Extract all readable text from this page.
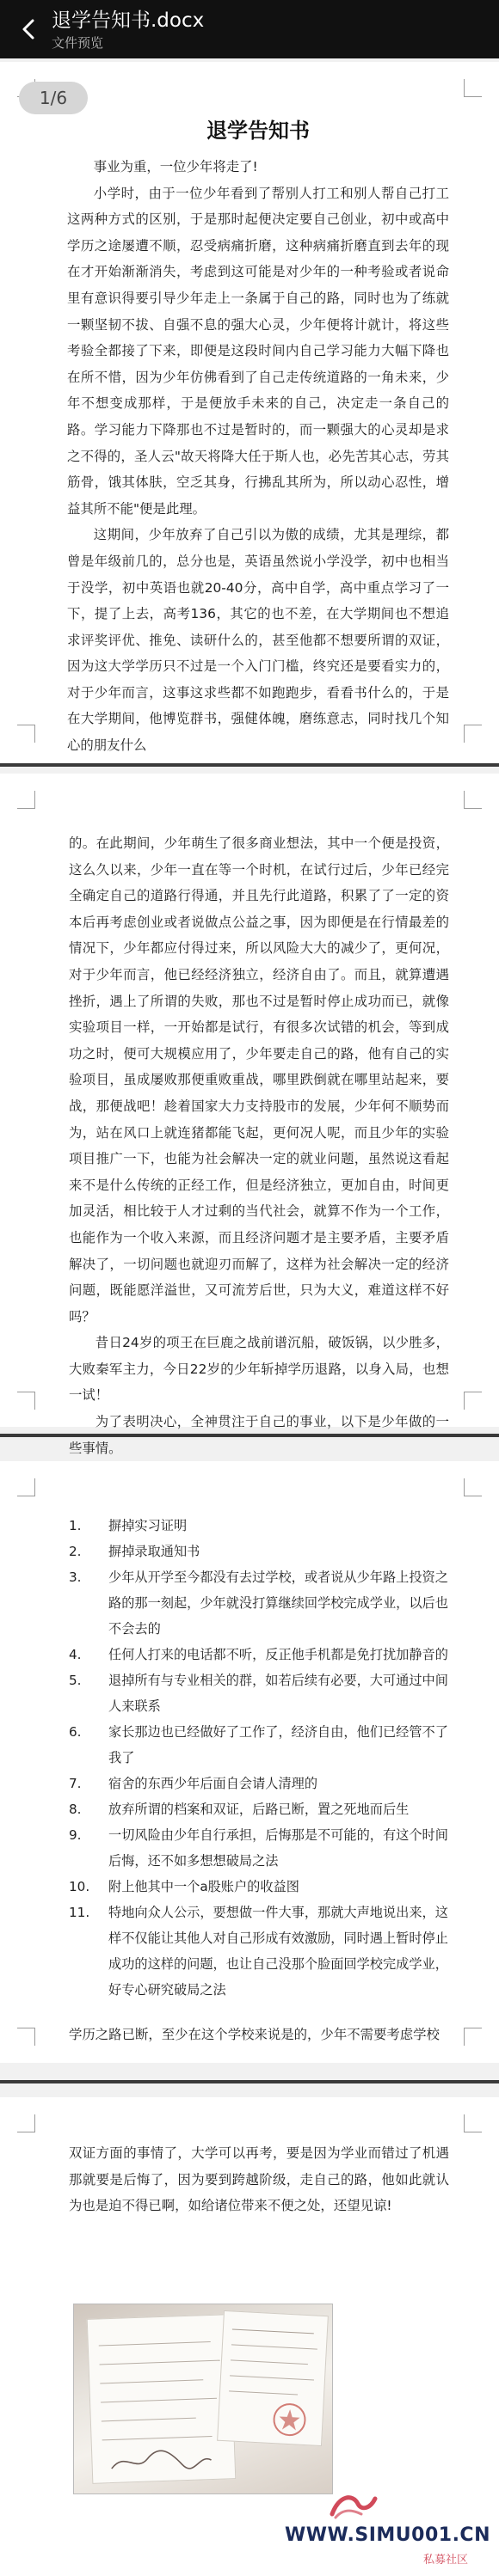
退学告知书.docx
文件预览
退学告知书

事业为重，一位少年将走了!

小学时，由于一位少年看到了帮别人打工和别人帮自己打工这两种方式的区别，于是那时起便决定要自己创业，初中或高中学历之途屡遭不顺，忍受病痛折磨，这种病痛折磨直到去年的现在才开始渐渐消失，考虑到这可能是对少年的一种考验或者说命里有意识得要引导少年走上一条属于自己的路，同时也为了练就一颗坚韧不拔、自强不息的强大心灵，少年便将计就计，将这些考验全都接了下来，即便是这段时间内自己学习能力大幅下降也在所不惜，因为少年仿佛看到了自己走传统道路的一角未来，少年不想变成那样，于是便放手未来的自己，决定走一条自己的路。学习能力下降那也不过是暂时的，而一颗强大的心灵却是求之不得的，圣人云"故天将降大任于斯人也，必先苦其心志，劳其筋骨，饿其体肤，空乏其身，行拂乱其所为，所以动心忍性，增益其所不能"便是此理。

这期间，少年放弃了自己引以为傲的成绩，尤其是理综，都曾是年级前几的，总分也是，英语虽然说小学没学，初中也相当于没学，初中英语也就20-40分，高中自学，高中重点学习了一下，提了上去，高考136，其它的也不差，在大学期间也不想追求评奖评优、推免、读研什么的，甚至他都不想要所谓的双证，因为这大学学历只不过是一个入门门槛，终究还是要看实力的，对于少年而言，这事这求些都不如跑跑步，看看书什么的，于是在大学期间，他博览群书，强健体魄，磨练意志，同时找几个知心的朋友什么

1/6

的。在此期间，少年萌生了很多商业想法，其中一个便是投资，这么久以来，少年一直在等一个时机，在试行过后，少年已经完全确定自己的道路行得通，并且先行此道路，积累了了一定的资本后再考虑创业或者说做点公益之事，因为即便是在行情最差的情况下，少年都应付得过来，所以风险大大的减少了，更何况，对于少年而言，他已经经济独立，经济自由了。而且，就算遭遇挫折，遇上了所谓的失败，那也不过是暂时停止成功而已，就像实验项目一样，一开始都是试行，有很多次试错的机会，等到成功之时，便可大规模应用了，少年要走自己的路，他有自己的实验项目，虽成屡败那便重败重战，哪里跌倒就在哪里站起来，要战，那便战吧！趁着国家大力支持股市的发展，少年何不顺势而为，站在风口上就连猪都能飞起，更何况人呢，而且少年的实验项目推广一下，也能为社会解决一定的就业问题，虽然说这看起来不是什么传统的正经工作，但是经济独立，更加自由，时间更加灵活，相比较于人才过剩的当代社会，就算不作为一个工作，也能作为一个收入来源，而且经济问题才是主要矛盾，主要矛盾解决了，一切问题也就迎刃而解了，这样为社会解决一定的经济问题，既能愿洋溢世，又可流芳后世，只为大义，难道这样不好吗？

昔日24岁的项王在巨鹿之战前谱沉船，破饭锅，以少胜多，大败秦军主力，今日22岁的少年斩掉学历退路，以身入局，也想一试！

为了表明决心，全神贯注于自己的事业，以下是少年做的一些事情。

1.	摒掉实习证明
2.	摒掉录取通知书
3.	少年从开学至今都没有去过学校，或者说从少年路上投资之路的那一刻起，少年就没打算继续回学校完成学业，以后也不会去的
4.	任何人打来的电话都不听，反正他手机都是免打扰加静音的
5.	退掉所有与专业相关的群，如若后续有必要，大可通过中间人来联系
6.	家长那边也已经做好了工作了，经济自由，他们已经管不了我了
7.	宿舍的东西少年后面自会请人清理的
8.	放弃所谓的档案和双证，后路已断，置之死地而后生
9.	一切风险由少年自行承担，后悔那是不可能的，有这个时间后悔，还不如多想想破局之法
10.	附上他其中一个a股账户的收益图
11.	特地向众人公示，要想做一件大事，那就大声地说出来，这样不仅能让其他人对自己形成有效激励，同时遇上暂时停止成功的这样的问题，也让自己没那个脸面回学校完成学业，好专心研究破局之法

学历之路已断，至少在这个学校来说是的，少年不需要考虑学校

双证方面的事情了，大学可以再考，要是因为学业而错过了机遇那就要是后悔了，因为要到跨越阶级，走自己的路，他如此就认为也是迫不得已啊，如给诸位带来不便之处，还望见谅!

WWW.SIMU001.CN
私募社区
